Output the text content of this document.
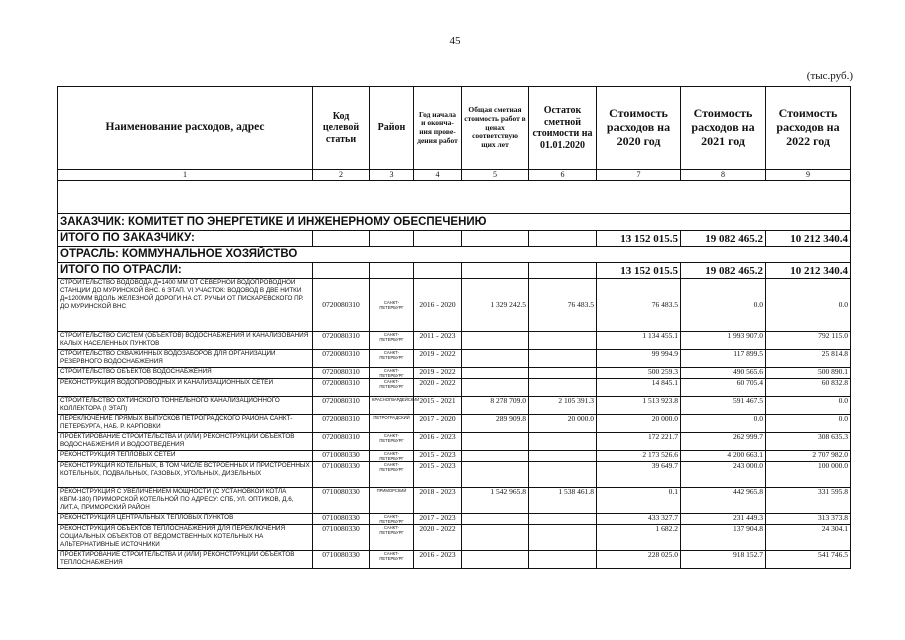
45
(тыс.руб.)
Наименование расходов, адрес	Код целевой статьи	Район	Год начала и оконча-ния прове-дения работ	Общая сметная стоимость работ в ценах соответствую щих лет	Остаток сметной стоимости на 01.01.2020	Стоимость расходов на 2020 год	Стоимость расходов на 2021 год	Стоимость расходов на 2022 год
1	2	3	4	5	6	7	8	9

ЗАКАЗЧИК: КОМИТЕТ ПО ЭНЕРГЕТИКЕ И ИНЖЕНЕРНОМУ ОБЕСПЕЧЕНИЮ								
ИТОГО ПО ЗАКАЗЧИКУ:						13 152 015.5	19 082 465.2	10 212 340.4
ОТРАСЛЬ: КОММУНАЛЬНОЕ ХОЗЯЙСТВО								
ИТОГО ПО ОТРАСЛИ:						13 152 015.5	19 082 465.2	10 212 340.4
СТРОИТЕЛЬСТВО ВОДОВОДА Д=1400 ММ ОТ СЕВЕРНОЙ ВОДОПРОВОДНОЙ СТАНЦИИ ДО МУРИНСКОЙ ВНС. 6 ЭТАП. VI УЧАСТОК: ВОДОВОД В ДВЕ НИТКИ Д=1200ММ ВДОЛЬ ЖЕЛЕЗНОЙ ДОРОГИ НА СТ. РУЧЬИ ОТ ПИСКАРЕВСКОГО ПР. ДО МУРИНСКОЙ ВНС	0720080310	САНКТ-ПЕТЕРБУРГ	2016 - 2020	1 329 242.5	76 483.5	76 483.5	0.0	0.0
СТРОИТЕЛЬСТВО СИСТЕМ (ОБЪЕКТОВ) ВОДОСНАБЖЕНИЯ И КАНАЛИЗОВАНИЯ КАЛЫХ НАСЕЛЕННЫХ ПУНКТОВ	0720080310	САНКТ-ПЕТЕРБУРГ	2011 - 2023			1 134 455.1	1 993 907.0	792 115.0
СТРОИТЕЛЬСТВО СКВАЖИННЫХ ВОДОЗАБОРОВ ДЛЯ ОРГАНИЗАЦИИ РЕЗЕРВНОГО ВОДОСНАБЖЕНИЯ	0720080310	САНКТ-ПЕТЕРБУРГ	2019 - 2022			99 994.9	117 899.5	25 814.8
СТРОИТЕЛЬСТВО ОБЪЕКТОВ ВОДОСНАБЖЕНИЯ	0720080310	САНКТ-ПЕТЕРБУРГ	2019 - 2022			500 259.3	490 565.6	500 890.1
РЕКОНСТРУКЦИЯ ВОДОПРОВОДНЫХ И КАНАЛИЗАЦИОННЫХ СЕТЕЙ	0720080310	САНКТ-ПЕТЕРБУРГ	2020 - 2022			14 845.1	60 705.4	60 832.8
СТРОИТЕЛЬСТВО ОХТИНСКОГО ТОННЕЛЬНОГО КАНАЛИЗАЦИОННОГО КОЛЛЕКТОРА (I ЭТАП)	0720080310	КРАСНОГВАРДЕЙСКИЙ	2015 - 2021	8 278 709.0	2 105 391.3	1 513 923.8	591 467.5	0.0
ПЕРЕКЛЮЧЕНИЕ ПРЯМЫХ ВЫПУСКОВ ПЕТРОГРАДСКОГО РАЙОНА САНКТ-ПЕТЕРБУРГА, НАБ. Р. КАРПОВКИ	0720080310	ПЕТРОГРАДСКИЙ	2017 - 2020	289 909.8	20 000.0	20 000.0	0.0	0.0
ПРОЕКТИРОВАНИЕ СТРОИТЕЛЬСТВА И (ИЛИ) РЕКОНСТРУКЦИИ ОБЪЕКТОВ ВОДОСНАБЖЕНИЯ И ВОДООТВЕДЕНИЯ	0720080310	САНКТ-ПЕТЕРБУРГ	2016 - 2023			172 221.7	262 999.7	308 635.3
РЕКОНСТРУКЦИЯ ТЕПЛОВЫХ СЕТЕЙ	0710080330	САНКТ-ПЕТЕРБУРГ	2015 - 2023			2 173 526.6	4 200 663.1	2 707 982.0
РЕКОНСТРУКЦИЯ КОТЕЛЬНЫХ, В ТОМ ЧИСЛЕ ВСТРОЕННЫХ И ПРИСТРОЕННЫХ КОТЕЛЬНЫХ, ПОДВАЛЬНЫХ, ГАЗОВЫХ, УГОЛЬНЫХ, ДИЗЕЛЬНЫХ	0710080330	САНКТ-ПЕТЕРБУРГ	2015 - 2023			39 649.7	243 000.0	100 000.0
РЕКОНСТРУКЦИЯ С УВЕЛИЧЕНИЕМ МОЩНОСТИ (С УСТАНОВКОЙ КОТЛА КВГМ-180) ПРИМОРСКОЙ КОТЕЛЬНОЙ ПО АДРЕСУ: СПБ, УЛ. ОПТИКОВ, Д.6, ЛИТ.А, ПРИМОРСКИЙ РАЙОН	0710080330	ПРИМОРСКИЙ	2018 - 2023	1 542 965.8	1 538 461.8	0.1	442 965.8	331 595.8
РЕКОНСТРУКЦИЯ ЦЕНТРАЛЬНЫХ ТЕПЛОВЫХ ПУНКТОВ	0710080330	САНКТ-ПЕТЕРБУРГ	2017 - 2023			433 327.7	231 449.3	313 373.8
РЕКОНСТРУКЦИЯ ОБЪЕКТОВ ТЕПЛОСНАБЖЕНИЯ ДЛЯ ПЕРЕКЛЮЧЕНИЯ СОЦИАЛЬНЫХ ОБЪЕКТОВ ОТ ВЕДОМСТВЕННЫХ КОТЕЛЬНЫХ НА АЛЬТЕРНАТИВНЫЕ ИСТОЧНИКИ	0710080330	САНКТ-ПЕТЕРБУРГ	2020 - 2022			1 682.2	137 904.8	24 304.1
ПРОЕКТИРОВАНИЕ СТРОИТЕЛЬСТВА И (ИЛИ) РЕКОНСТРУКЦИИ ОБЪЕКТОВ ТЕПЛОСНАБЖЕНИЯ	0710080330	САНКТ-ПЕТЕРБУРГ	2016 - 2023			228 025.0	918 152.7	541 746.5
